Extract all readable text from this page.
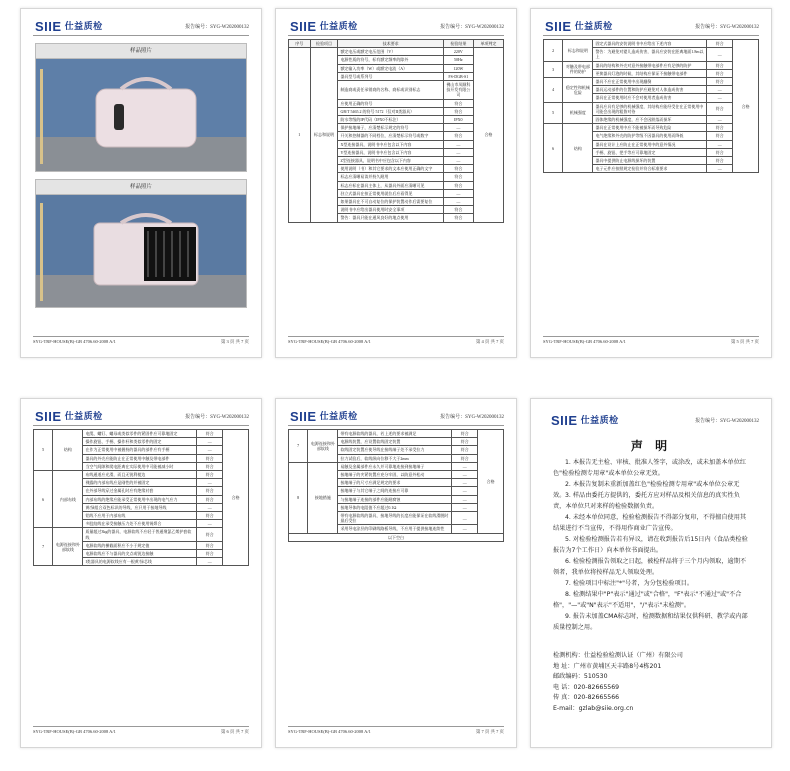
SIIE 仕益质检	报告编号：SYG-W202000132
样品照片
样品照片
SYG-TRF-HOUSE(B)-GB 4706.60-2008 A/1	第 3 页 共 7 页
SIIE 仕益质检	报告编号：SYG-W202000132
序号	检验项目	技术要求	检验结果	单项判定
1	标志和说明	额定电压或额定电压范围（V）	220V	合格
		电源性质的符号，标有额定频率的除外	50Hz	
		额定输入功率（W）或额定电流（A）	120W	
		器具型号或系列号	FS-DGB-S1	
		制造商或责任承销商的名称、商标或识别标志	佛山市凤顺科技开发有限公司	
		应使用正确的符号	符合	
		GB/T 5465.2 的符号 5172（仅对II类器具）	符合	
		防水等级的IP代码（IPX0不标注）	IPX0	
		保护接地端子，应清楚标示规定的符号	—	
		开关和控制器的不同档位，应清楚标示符号或数字	符合	
		X型连接器具，说明书中应包含以下内容	—	
		Y型连接器具，说明书中应包含以下内容	—	
		Z型连接器具，说明书中应包含以下内容	—	
		使用说明（书）和其它要求的文本应使用正确的文字	符合	
		标志应清晰易读并持久耐用	符合	
		标志应标在器具主体上，从器具外面应清晰可见	符合	
		驻立式器具在按正常使用就位后应看得见	—	
		如果器具在不可自动复位的保护装置动作后需要复位	—	
		说明书中应给出器具使用时安全事项	符合	
		警告：器具只能在通风良好的地点使用	符合	
SYG-TRF-HOUSE(B)-GB 4706.60-2008 A/1	第 4 页 共 7 页
SIIE 仕益质检	报告编号：SYG-W202000132
2	标志和说明	固定式器具的安装说明书中应给出下述内容	符合	合格
		警告：为避免对婴儿造成伤害，器具应安装在距离地面1.8m以上	—	
3	对触及带电部件的防护	器具的结构和外壳对意外接触带电部件应有足够的防护	符合	
		更换器具灯泡的时候，其结构应保证不接触带电部件	符合	
4	稳定性和机械危险	器具不应在正常使用中出现翻倒	符合	
		器具运动部件的位置和防护应避免对人体造成伤害	—	
		器具在正常使用时应不会对使用者造成伤害	—	
5	机械强度	器具应具有足够的机械强度，其结构应能经受住在正常使用中可能会出现的粗鲁对待	符合	
		固体绝缘的机械强度，应不会因跌落而损坏	—	
6	结构	器具在正常使用中应不能被损坏而导致危险	符合	
		电气绝缘和外壳的防护等级不因器具的使用而降低	符合	
		器具在设计上应防止在正常使用中的意外情况	—	
		手柄、旋钮、把手等应可靠地固定	符合	
		器具中提供防止电源线损坏的装置	符合	
		电子元件应按照规定检验并符合标准要求	—	
SYG-TRF-HOUSE(B)-GB 4706.60-2008 A/1	第 5 页 共 7 页
SIIE 仕益质检	报告编号：SYG-W202000132
5	结构	电缆、螺钉、螺母或类似零件的紧固件应可靠地固定	符合	合格
		操作旋钮、手柄、操作杆和类似零件的固定	—	
		在作为正常使用中被握持的器具的部件应有手柄	—	
		器具的外壳应能防止在正常使用中触及带电部件	符合	
		当空气间隙和爬电距离在实际使用中可能被减小时	符合	
6	内部布线	布线通道应光滑，而且无锐利棱边	符合	
		裸露的内部布线应是刚性的并被固定	—	
		在外部导线穿过金属孔时应有绝缘衬套	符合	
		内部布线的绝缘应能承受正常使用中出现的电气应力	符合	
		黄/绿组合双色标识的导线，应只用于接地导线	—	
		铝线不应用于内部布线	符合	
		多股绞线在承受接触压力处不应使用锡焊合	—	
7	电源连接和外部软线	质量超过3kg的器具，电源软线不应轻于普通聚氯乙烯护套软线	符合	
		电源软线的横截面积应不小于规定值	符合	
		电源软线应不与器具的尖点或锐边接触	符合	
		I类器具的电源软线应有一根黄/绿芯线	—	
SYG-TRF-HOUSE(B)-GB 4706.60-2008 A/1	第 6 页 共 7 页
SIIE 仕益质检	报告编号：SYG-W202000132
7	电源连接和外部软线	带有电源软线的器具，若上述的要求被满足	符合	合格
		电源线装置，应设置软线固定装置	符合	
		软线固定装置应使导线在接线端子处不承受拉力	符合	
		拉力试验后，软线纵向位移不大于2mm	符合	
8	接地措施	易触及金属部件应永久并可靠地连接到接地端子	—	
		接地端子的夹紧装置应充分牢固，以防意外松动	—	
		接地端子的尺寸应满足规定的要求	—	
		接地端子与其它端子之间的连接应可靠	—	
		与接地端子连接的部件应能耐腐蚀	—	
		接地导体的电阻值不应超过0.1Ω	—	
		带有电源软线的器具，接地导线的长度应能保证在软线滑脱时最后受拉	—	
		采用导电涂层的印刷线路板导线，不应用于提供接地连续性	—	
以下空白				
SYG-TRF-HOUSE(B)-GB 4706.60-2008 A/1	第 7 页 共 7 页
SIIE 仕益质检	报告编号：SYG-W202000132
声 明
1. 本报告无主检、审核、批准人签字，或涂改，或未加盖本单位红色"检验检测专用章"或本单位公章无效。
2. 本报告复制未重新加盖红色"检验检测专用章"或本单位公章无效。 3. 样品由委托方提供的，委托方应对样品及相关信息的真实性负责，本单位只对来样的检验数据负责。
4. 未经本单位同意，检验检测报告不得部分复印，不得擅自使用其结果进行不当宣传，不得用作商业广告宣传。
5. 对检验检测报告若有异议，请在收到报告后15日内（食品类检验报告为7个工作日）向本单位书面提出。
6. 检验检测报告领取之日起，被检样品将于三个月内领取，逾期不领者，我单位将按样品无人领取处理。
7. 检验项目中标注"*"号者，为分包检验项目。
8. 检测结果中"P"表示"通过"或"合格"，"F"表示"不通过"或"不合格"，"—"或"N"表示"不适用"，"/"表示"未检测"。
9. 报告未加盖CMA标志时，检测数据和结果仅供科研、教学或内部质量控制之用。
检测机构：仕益检验检测认证（广州）有限公司
地 址：广州市黄埔区天丰路8号4栋201
邮政编码：510530
电 话：020-82665569
传 真：020-82665566
E-mail：gzlab@siie.org.cn
